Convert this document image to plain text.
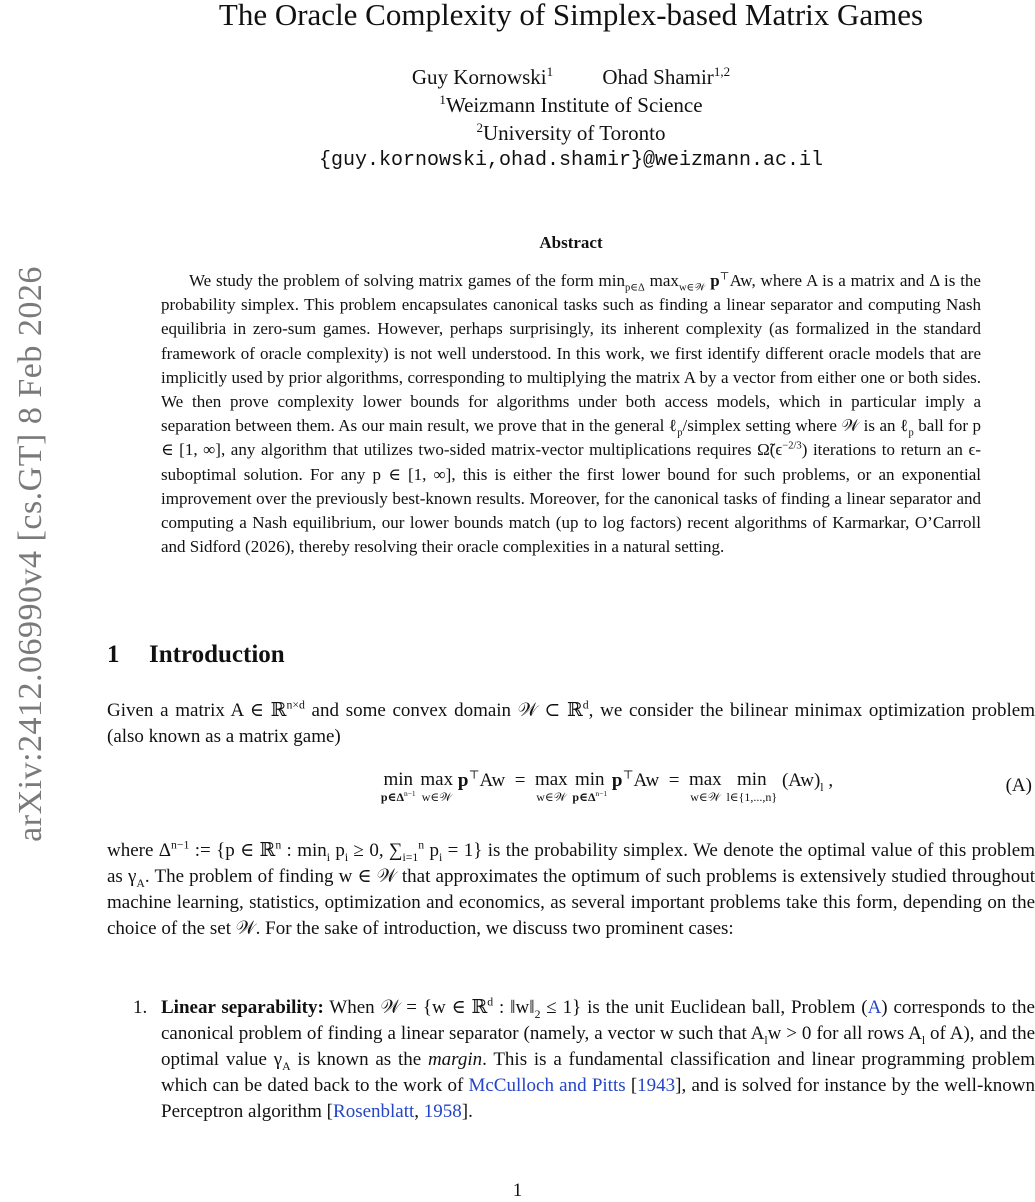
arXiv:2412.06990v4 [cs.GT] 8 Feb 2026
The Oracle Complexity of Simplex-based Matrix Games
Guy Kornowski$^1$ Ohad Shamir$^{1,2}$
$^1$Weizmann Institute of Science
$^2$University of Toronto
{guy.kornowski,ohad.shamir}@weizmann.ac.il
Abstract

We study the problem of solving matrix games of the form $\min_{p\in\Delta} \max_{w\in 𝒲} p^⊤Aw$, where A is a matrix and Δ is the probability simplex. This problem encapsulates canonical tasks such as finding a linear separator and computing Nash equilibria in zero-sum games. However, perhaps surprisingly, its inherent complexity (as formalized in the standard framework of oracle complexity) is not well understood. In this work, we first identify different oracle models that are implicitly used by prior algorithms, corresponding to multiplying the matrix A by a vector from either one or both sides. We then prove complexity lower bounds for algorithms under both access models, which in particular imply a separation between them. As our main result, we prove that in the general ℓ$_p$/simplex setting where 𝒲 is an ℓ$_p$ ball for p ∈ [1, ∞], any algorithm that utilizes two-sided matrix-vector multiplications requires $\Omegã(\epsilon^{-2/3})$ iterations to return an ϵ-suboptimal solution. For any p ∈ [1, ∞], this is either the first lower bound for such problems, or an exponential improvement over the previously best-known results. Moreover, for the canonical tasks of finding a linear separator and computing a Nash equilibrium, our lower bounds match (up to log factors) recent algorithms of Karmarkar, O’Carroll and Sidford (2026), thereby resolving their oracle complexities in a natural setting.

1 Introduction

Given a matrix A ∈ ℝ$^{n\times d}$ and some convex domain 𝒲 ⊂ ℝ$^d$, we consider the bilinear minimax optimization problem (also known as a matrix game)

min
$p\in\Delta^{n-1}$

max
w∈𝒲
p⊤Aw = max
w∈𝒲

min
$p\in\Delta^{n-1}$
p⊤Aw = max
w∈𝒲

min
l∈{1,...,n}
$(Aw)_l$ ,	(A)

where $\Delta^{n-1}$ := {p ∈ ℝ$^n$ : $\min_i p_i \ge 0$, $\sum_{i=1}^n$ $p_i = 1$} is the probability simplex. We denote the optimal value of this problem as $\gamma_A$. The problem of finding w ∈ 𝒲 that approximates the optimum of such problems is extensively studied throughout machine learning, statistics, optimization and economics, as several important problems take this form, depending on the choice of the set 𝒲. For the sake of introduction, we discuss two prominent cases:

1. Linear separability: When 𝒲 = {w ∈ ℝ$^d$ : $‖w‖_2 \le 1$} is the unit Euclidean ball, Problem (A) corresponds to the canonical problem of finding a linear separator (namely, a vector w such that $A_lw > 0$ for all rows $A_l$ of A), and the optimal value $\gamma_A$ is known as the margin. This is a fundamental classification and linear programming problem which can be dated back to the work of McCulloch and Pitts [1943], and is solved for instance by the well-known Perceptron algorithm [Rosenblatt, 1958].
1
